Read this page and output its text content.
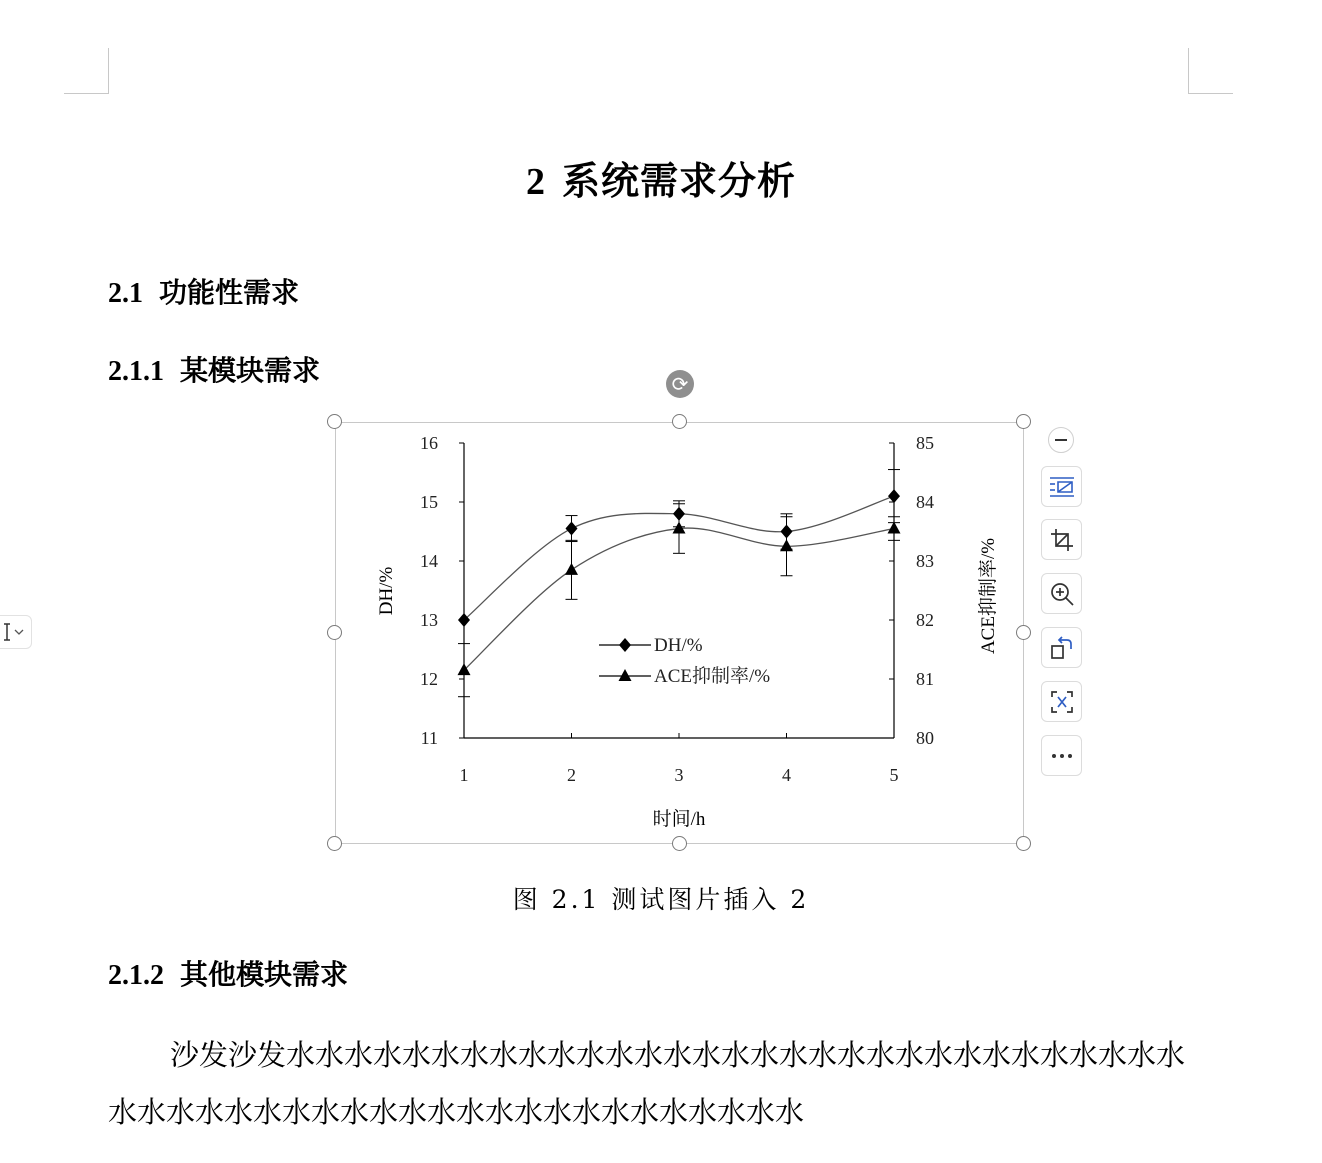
2 系统需求分析
2.1 功能性需求
2.1.1 某模块需求	⟳
11
12
13
14
15
16
80
81
82
83
84
85
1	2	3	4	5
DH/%
ACE抑制率/%
时间/h
DH/%	ACE抑制率/%
图 2.1 测试图片插入 2
2.1.2 其他模块需求
沙发沙发水水水水水水水水水水水水水水水水水水水水水水水水水水水水水水水水水水水水水水水水水水水水水水水水水水水水水水水
